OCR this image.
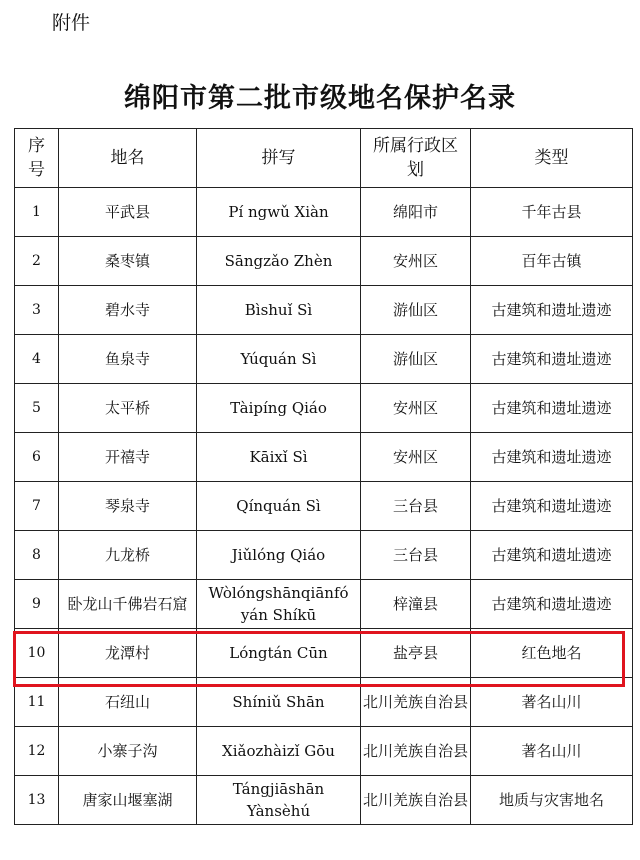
附件
绵阳市第二批市级地名保护名录
序号	地名	拼写	所属行政区划	类型
1	平武县	Pí ngwǔ Xiàn	绵阳市	千年古县
2	桑枣镇	Sāngzǎo Zhèn	安州区	百年古镇
3	碧水寺	Bìshuǐ Sì	游仙区	古建筑和遗址遗迹
4	鱼泉寺	Yúquán Sì	游仙区	古建筑和遗址遗迹
5	太平桥	Tàipíng Qiáo	安州区	古建筑和遗址遗迹
6	开禧寺	Kāixǐ Sì	安州区	古建筑和遗址遗迹
7	琴泉寺	Qínquán Sì	三台县	古建筑和遗址遗迹
8	九龙桥	Jiǔlóng Qiáo	三台县	古建筑和遗址遗迹
9	卧龙山千佛岩石窟	Wòlóngshānqiānfó yán Shíkū	梓潼县	古建筑和遗址遗迹
10	龙潭村	Lóngtán Cūn	盐亭县	红色地名
11	石纽山	Shíniǔ Shān	北川羌族自治县	著名山川
12	小寨子沟	Xiǎozhàizǐ Gōu	北川羌族自治县	著名山川
13	唐家山堰塞湖	Tángjiāshān Yànsèhú	北川羌族自治县	地质与灾害地名
